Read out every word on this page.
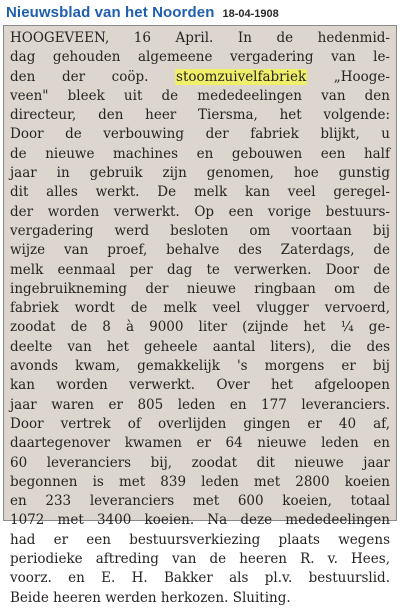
Nieuwsblad van het Noorden 18-04-1908
HOOGEVEEN, 16 April. In de hedenmid-
dag gehouden algemeene vergadering van le-
den der coöp. stoomzuivelfabriek „Hooge-
veen" bleek uit de mededeelingen van den
directeur, den heer Tiersma, het volgende:
Door de verbouwing der fabriek blijkt, u
de nieuwe machines en gebouwen een half
jaar in gebruik zijn genomen, hoe gunstig
dit alles werkt. De melk kan veel geregel-
der worden verwerkt. Op een vorige bestuurs-
vergadering werd besloten om voortaan bij
wijze van proef, behalve des Zaterdags, de
melk eenmaal per dag te verwerken. Door de
ingebruikneming der nieuwe ringbaan om de
fabriek wordt de melk veel vlugger vervoerd,
zoodat de 8 à 9000 liter (zijnde het ¼ ge-
deelte van het geheele aantal liters), die des
avonds kwam, gemakkelijk 's morgens er bij
kan worden verwerkt. Over het afgeloopen
jaar waren er 805 leden en 177 leveranciers.
Door vertrek of overlijden gingen er 40 af,
daartegenover kwamen er 64 nieuwe leden en
60 leveranciers bij, zoodat dit nieuwe jaar
begonnen is met 839 leden met 2800 koeien
en 233 leveranciers met 600 koeien, totaal
1072 met 3400 koeien. Na deze mededeelingen
had er een bestuursverkiezing plaats wegens
periodieke aftreding van de heeren R. v. Hees,
voorz. en E. H. Bakker als pl.v. bestuurslid.
Beide heeren werden herkozen. Sluiting.
